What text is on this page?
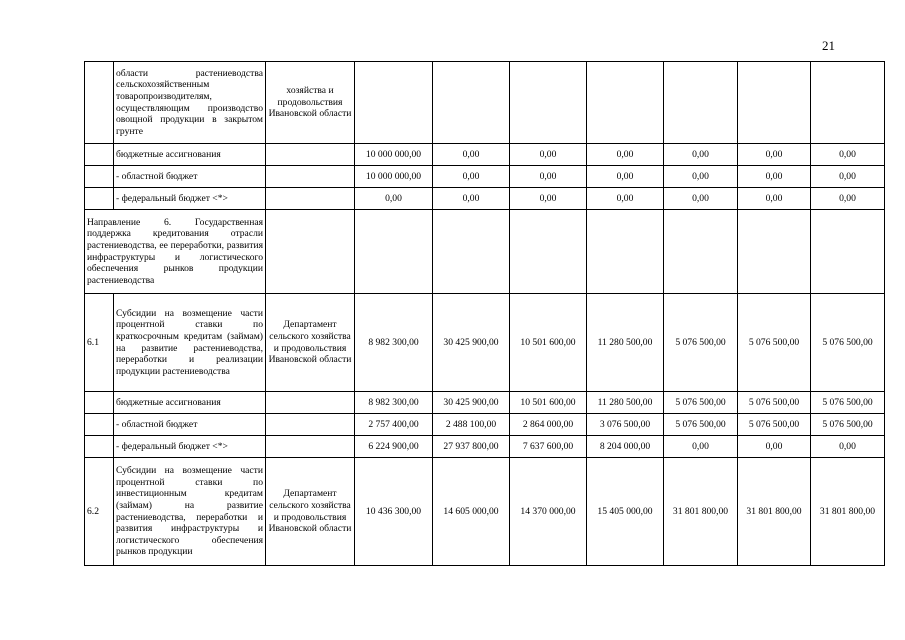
21
	области растениеводства сельскохозяйственным товаропроизводителям, осуществляющим производство овощной продукции в закрытом грунте	хозяйства и продовольствия Ивановской области							
	бюджетные ассигнования		10 000 000,00	0,00	0,00	0,00	0,00	0,00	0,00
	- областной бюджет		10 000 000,00	0,00	0,00	0,00	0,00	0,00	0,00
	- федеральный бюджет <*>		0,00	0,00	0,00	0,00	0,00	0,00	0,00
Направление 6. Государственная поддержка кредитования отрасли растениеводства, ее переработки, развития инфраструктуры и логистического обеспечения рынков продукции растениеводства									
6.1	Субсидии на возмещение части процентной ставки по краткосрочным кредитам (займам) на развитие растениеводства, переработки и реализации продукции растениеводства	Департамент сельского хозяйства и продовольствия Ивановской области	8 982 300,00	30 425 900,00	10 501 600,00	11 280 500,00	5 076 500,00	5 076 500,00	5 076 500,00
	бюджетные ассигнования		8 982 300,00	30 425 900,00	10 501 600,00	11 280 500,00	5 076 500,00	5 076 500,00	5 076 500,00
	- областной бюджет		2 757 400,00	2 488 100,00	2 864 000,00	3 076 500,00	5 076 500,00	5 076 500,00	5 076 500,00
	- федеральный бюджет <*>		6 224 900,00	27 937 800,00	7 637 600,00	8 204 000,00	0,00	0,00	0,00
6.2	Субсидии на возмещение части процентной ставки по инвестиционным кредитам (займам) на развитие растениеводства, переработки и развития инфраструктуры и логистического обеспечения рынков продукции	Департамент сельского хозяйства и продовольствия Ивановской области	10 436 300,00	14 605 000,00	14 370 000,00	15 405 000,00	31 801 800,00	31 801 800,00	31 801 800,00
